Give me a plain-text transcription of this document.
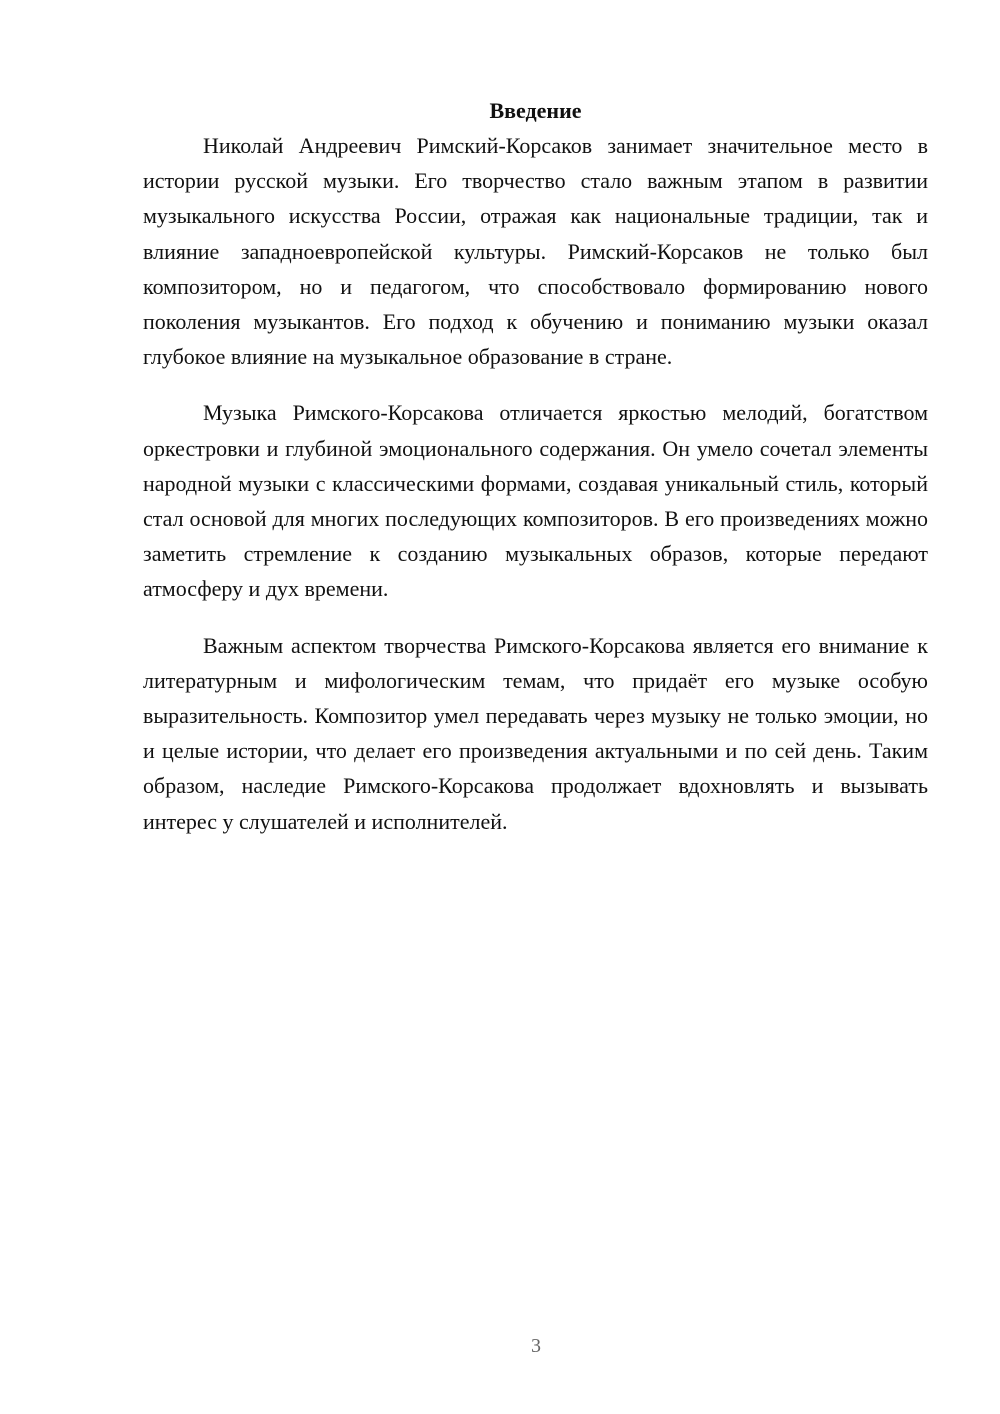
Введение

Николай Андреевич Римский-Корсаков занимает значительное место в истории русской музыки. Его творчество стало важным этапом в развитии музыкального искусства России, отражая как национальные традиции, так и влияние западноевропейской культуры. Римский-Корсаков не только был композитором, но и педагогом, что способствовало формированию нового поколения музыкантов. Его подход к обучению и пониманию музыки оказал глубокое влияние на музыкальное образование в стране.

Музыка Римского-Корсакова отличается яркостью мелодий, богатством оркестровки и глубиной эмоционального содержания. Он умело сочетал элементы народной музыки с классическими формами, создавая уникальный стиль, который стал основой для многих последующих композиторов. В его произведениях можно заметить стремление к созданию музыкальных образов, которые передают атмосферу и дух времени.

Важным аспектом творчества Римского-Корсакова является его внимание к литературным и мифологическим темам, что придаёт его музыке особую выразительность. Композитор умел передавать через музыку не только эмоции, но и целые истории, что делает его произведения актуальными и по сей день. Таким образом, наследие Римского-Корсакова продолжает вдохновлять и вызывать интерес у слушателей и исполнителей.

3
